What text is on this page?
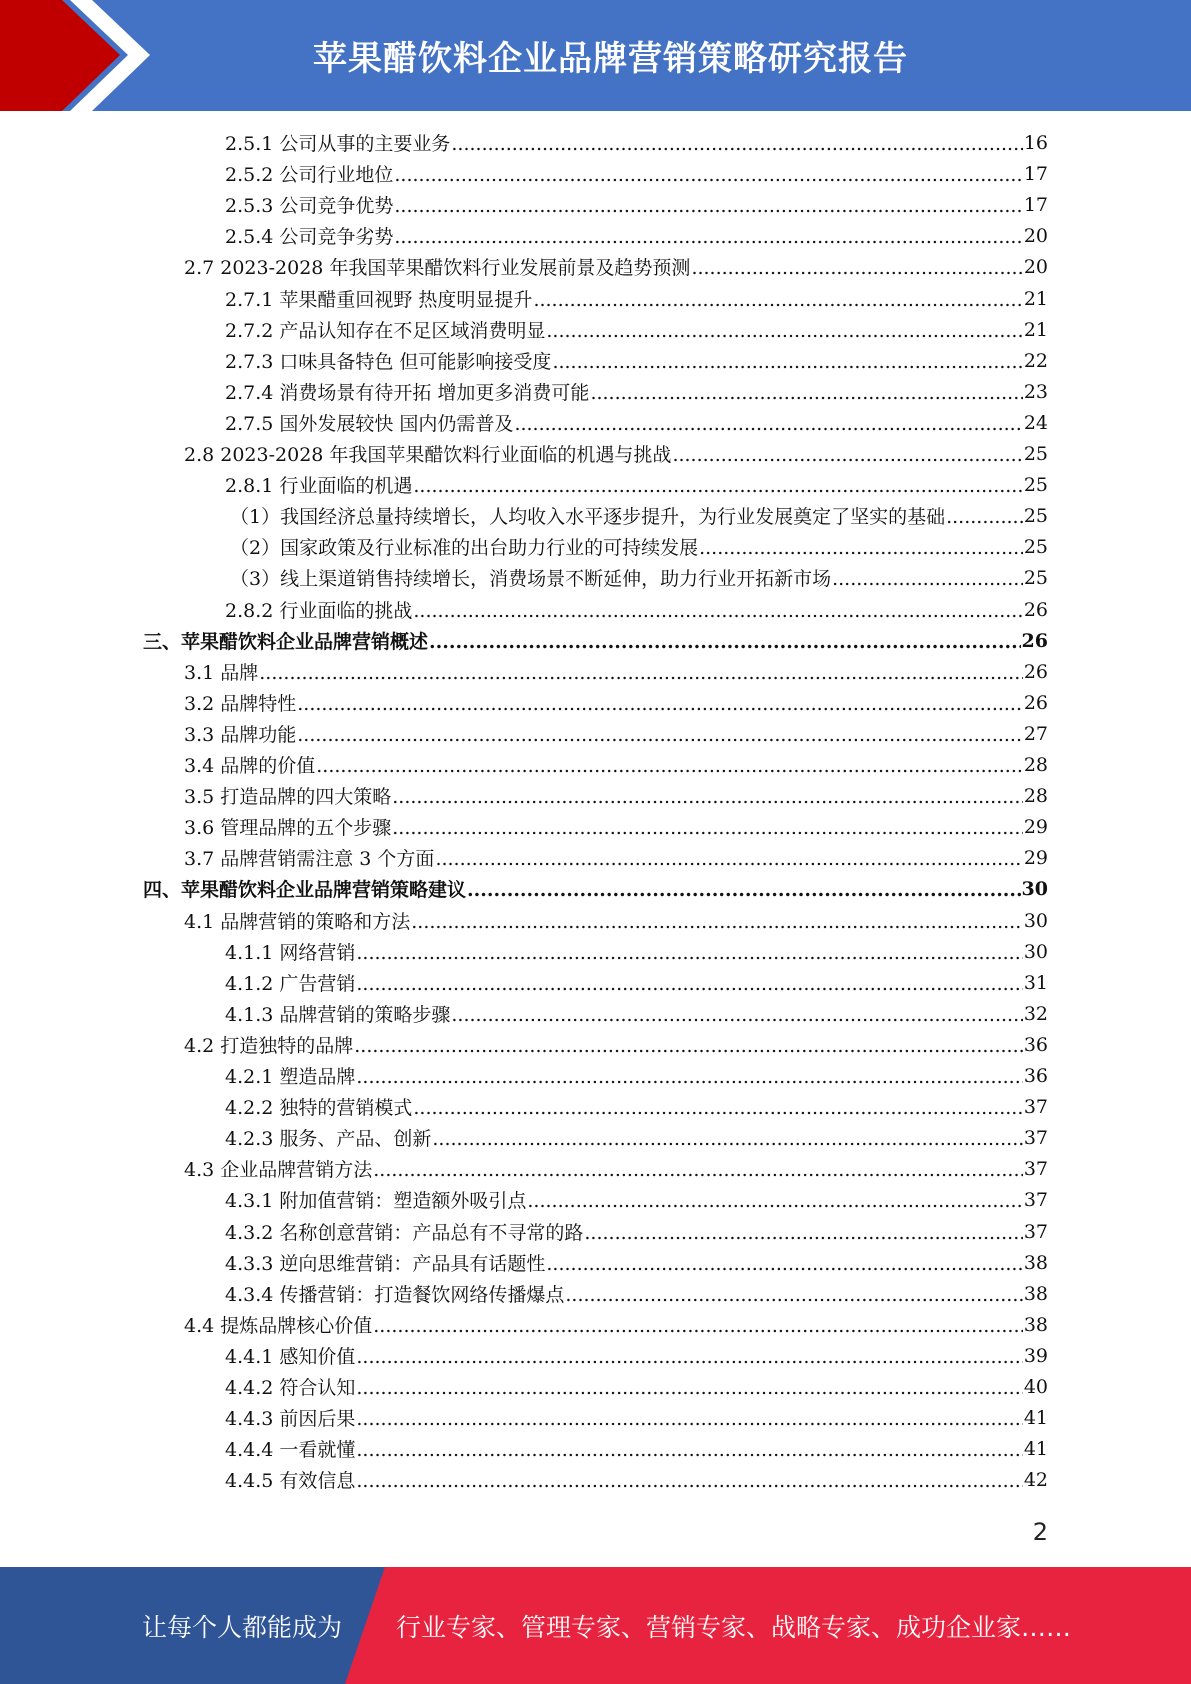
苹果醋饮料企业品牌营销策略研究报告
2.5.1 公司从事的主要业务 .....	16
2.5.2 公司行业地位 .....	17
2.5.3 公司竞争优势 .....	17
2.5.4 公司竞争劣势 .....	20
2.7 2023-2028 年我国苹果醋饮料行业发展前景及趋势预测 .....	20
2.7.1 苹果醋重回视野 热度明显提升 .....	21
2.7.2 产品认知存在不足区域消费明显 .....	21
2.7.3 口味具备特色 但可能影响接受度 .....	22
2.7.4 消费场景有待开拓 增加更多消费可能 .....	23
2.7.5 国外发展较快 国内仍需普及 .....	24
2.8 2023-2028 年我国苹果醋饮料行业面临的机遇与挑战 .....	25
2.8.1 行业面临的机遇 .....	25
（1）我国经济总量持续增长，人均收入水平逐步提升，为行业发展奠定了坚实的基础 .....	25
（2）国家政策及行业标准的出台助力行业的可持续发展 .....	25
（3）线上渠道销售持续增长，消费场景不断延伸，助力行业开拓新市场 .....	25
2.8.2 行业面临的挑战 .....	26
三、苹果醋饮料企业品牌营销概述 .....	26
3.1 品牌 .....	26
3.2 品牌特性 .....	26
3.3 品牌功能 .....	27
3.4 品牌的价值 .....	28
3.5 打造品牌的四大策略 .....	28
3.6 管理品牌的五个步骤 .....	29
3.7 品牌营销需注意 3 个方面 .....	29
四、苹果醋饮料企业品牌营销策略建议 .....	30
4.1 品牌营销的策略和方法 .....	30
4.1.1 网络营销 .....	30
4.1.2 广告营销 .....	31
4.1.3 品牌营销的策略步骤 .....	32
4.2 打造独特的品牌 .....	36
4.2.1 塑造品牌 .....	36
4.2.2 独特的营销模式 .....	37
4.2.3 服务、产品、创新 .....	37
4.3 企业品牌营销方法 .....	37
4.3.1 附加值营销：塑造额外吸引点 .....	37
4.3.2 名称创意营销：产品总有不寻常的路 .....	37
4.3.3 逆向思维营销：产品具有话题性 .....	38
4.3.4 传播营销：打造餐饮网络传播爆点 .....	38
4.4 提炼品牌核心价值 .....	38
4.4.1 感知价值 .....	39
4.4.2 符合认知 .....	40
4.4.3 前因后果 .....	41
4.4.4 一看就懂 .....	41
4.4.5 有效信息 .....	42
2
让每个人都能成为 行业专家、管理专家、营销专家、战略专家、成功企业家……
